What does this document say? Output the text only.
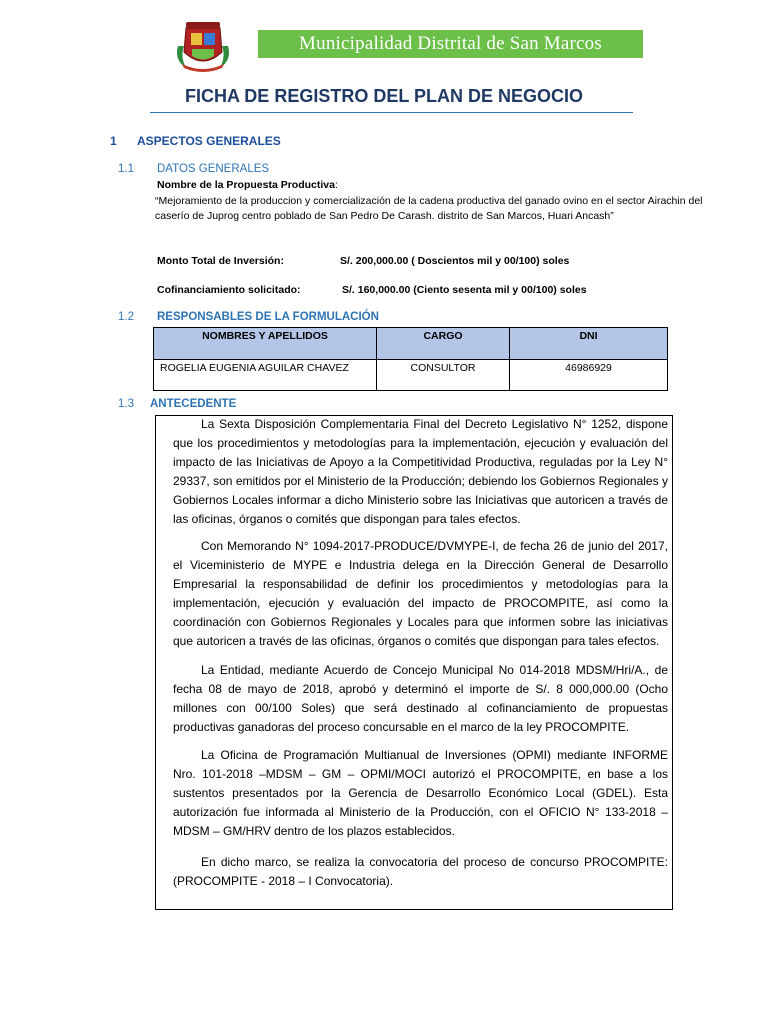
Municipalidad Distrital de San Marcos
FICHA DE REGISTRO DEL PLAN DE NEGOCIO
1 ASPECTOS GENERALES
1.1 DATOS GENERALES
Nombre de la Propuesta Productiva:
“Mejoramiento de la produccion y comercialización de la cadena productiva del ganado ovino en el sector Airachin del caserío de Juprog centro poblado de San Pedro De Carash. distrito de San Marcos, Huari Ancash”
Monto Total de Inversión:	S/. 200,000.00 ( Doscientos mil y 00/100) soles
Cofinanciamiento solicitado:	S/. 160,000.00 (Ciento sesenta mil y 00/100) soles
1.2 RESPONSABLES DE LA FORMULACIÓN
NOMBRES Y APELLIDOS	CARGO	DNI
ROGELIA EUGENIA AGUILAR CHAVEZ	CONSULTOR	46986929
1.3 ANTECEDENTE
La Sexta Disposición Complementaria Final del Decreto Legislativo N° 1252, dispone que los procedimientos y metodologías para la implementación, ejecución y evaluación del impacto de las Iniciativas de Apoyo a la Competitividad Productiva, reguladas por la Ley N° 29337, son emitidos por el Ministerio de la Producción; debiendo los Gobiernos Regionales y Gobiernos Locales informar a dicho Ministerio sobre las Iniciativas que autoricen a través de las oficinas, órganos o comités que dispongan para tales efectos.
Con Memorando N° 1094-2017-PRODUCE/DVMYPE-I, de fecha 26 de junio del 2017, el Viceministerio de MYPE e Industria delega en la Dirección General de Desarrollo Empresarial la responsabilidad de definir los procedimientos y metodologías para la implementación, ejecución y evaluación del impacto de PROCOMPITE, así como la coordinación con Gobiernos Regionales y Locales para que informen sobre las iniciativas que autoricen a través de las oficinas, órganos o comités que dispongan para tales efectos.
La Entidad, mediante Acuerdo de Concejo Municipal No 014-2018 MDSM/Hri/A., de fecha 08 de mayo de 2018, aprobó y determinó el importe de S/. 8 000,000.00 (Ocho millones con 00/100 Soles) que será destinado al cofinanciamiento de propuestas productivas ganadoras del proceso concursable en el marco de la ley PROCOMPITE.
La Oficina de Programación Multianual de Inversiones (OPMI) mediante INFORME Nro. 101-2018 –MDSM – GM – OPMI/MOCI autorizó el PROCOMPITE, en base a los sustentos presentados por la Gerencia de Desarrollo Económico Local (GDEL). Esta autorización fue informada al Ministerio de la Producción, con el OFICIO N° 133-2018 – MDSM – GM/HRV dentro de los plazos establecidos.
En dicho marco, se realiza la convocatoria del proceso de concurso PROCOMPITE: (PROCOMPITE - 2018 – I Convocatoria).
